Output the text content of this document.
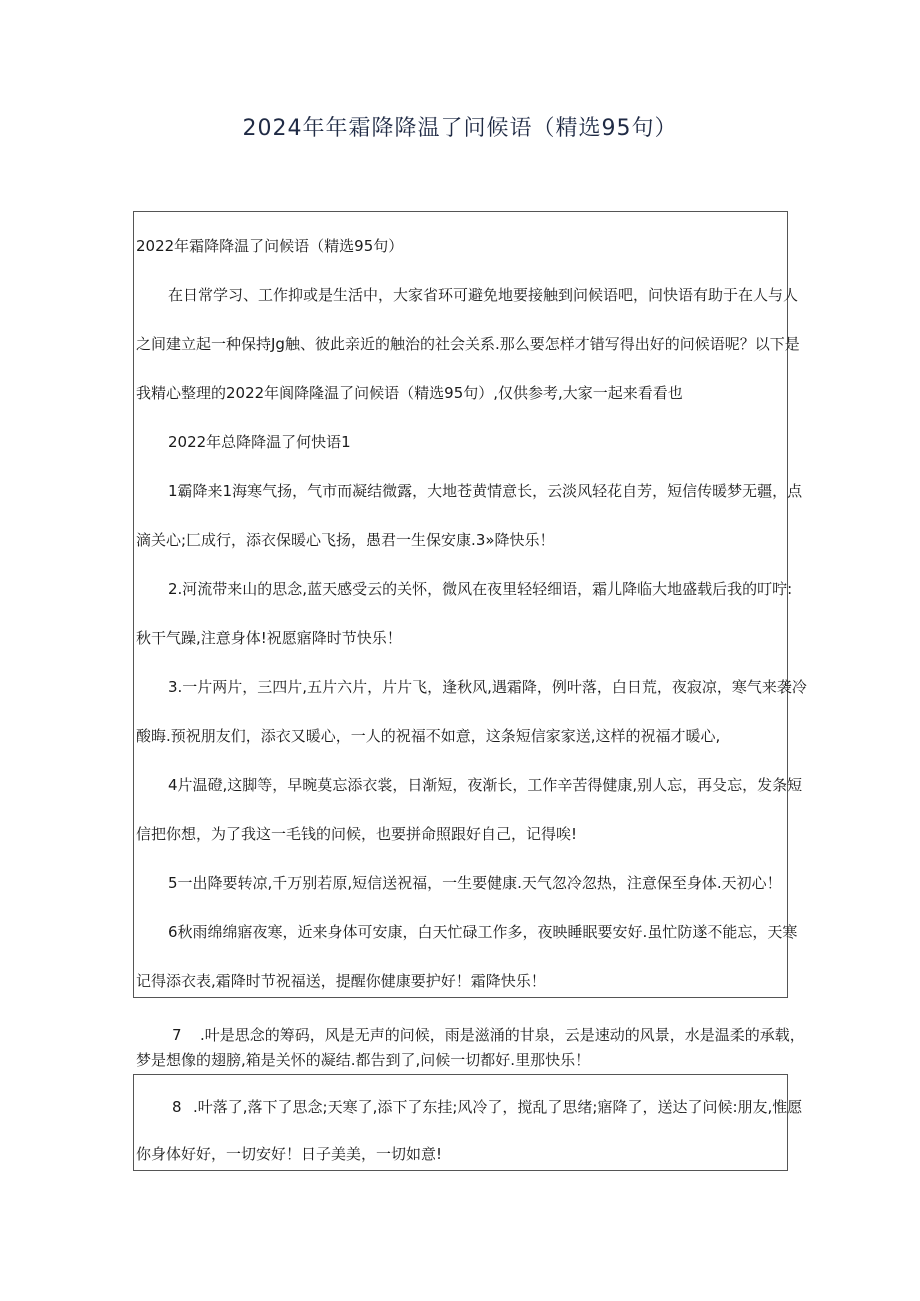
2024年年霜降降温了问候语（精选95句）
2022年霜降降温了问候语（精选95句）
在日常学习、工作抑或是生活中，大家省环可避免地要接触到问候语吧，问快语有助于在人与人
之间建立起一种保持Jg触、彼此亲近的触治的社会关系.那么要怎样才错写得出好的问候语呢？以下是
我精心整理的2022年阆降隆温了问候语（精选95句）,仅供参考,大家一起来看看也
2022年总降降温了何快语1
1霸降来1海寒气扬，气市而凝结微露，大地苍黄情意长，云淡风轻花自芳，短信传暖梦无疆，点
滴关心;匚成行，添衣保暖心飞扬，愚君一生保安康.3»降快乐！
2.河流带来山的思念,蓝天感受云的关怀，微风在夜里轻轻细语，霜儿降临大地盛载后我的叮咛:
秋干气躁,注意身体!祝愿寤降时节快乐！
3.一片两片，三四片,五片六片，片片飞，逢秋风,遇霜降，例叶落，白日荒，夜寂凉，寒气来袭冷
酸晦.预祝朋友们，添衣又暖心，一人的祝福不如意，这条短信家家送,这样的祝福才暖心,
4片温磴,这脚等，早晼莫忘添衣裳，日渐短，夜渐长，工作辛苦得健康,别人忘，再殳忘，发条短
信把你想，为了我这一毛钱的问候，也要拼命照跟好自己，记得唉!
5一出降要转凉,千万别若原,短信送祝福，一生要健康.天气忽冷忽热，注意保至身体.天初心！
6秋雨绵绵寤夜寒，近来身体可安康，白天忙碌工作多，夜映睡眠要安好.虽忙防遂不能忘，天寒
记得添衣表,霜降时节祝福送，提醒你健康要护好！霜降快乐！
7 .叶是思念的筹码，风是无声的问候，雨是滋涌的甘泉，云是速动的风景，水是温柔的承载，
梦是想像的翅膀,箱是关怀的凝结.都告到了,问候一切都好.里那快乐！
8 .叶落了,落下了思念;天寒了,添下了东挂;风冷了，搅乱了思绪;寤降了，送达了问候:朋友,惟愿
你身体好好，一切安好！日子美美，一切如意!
